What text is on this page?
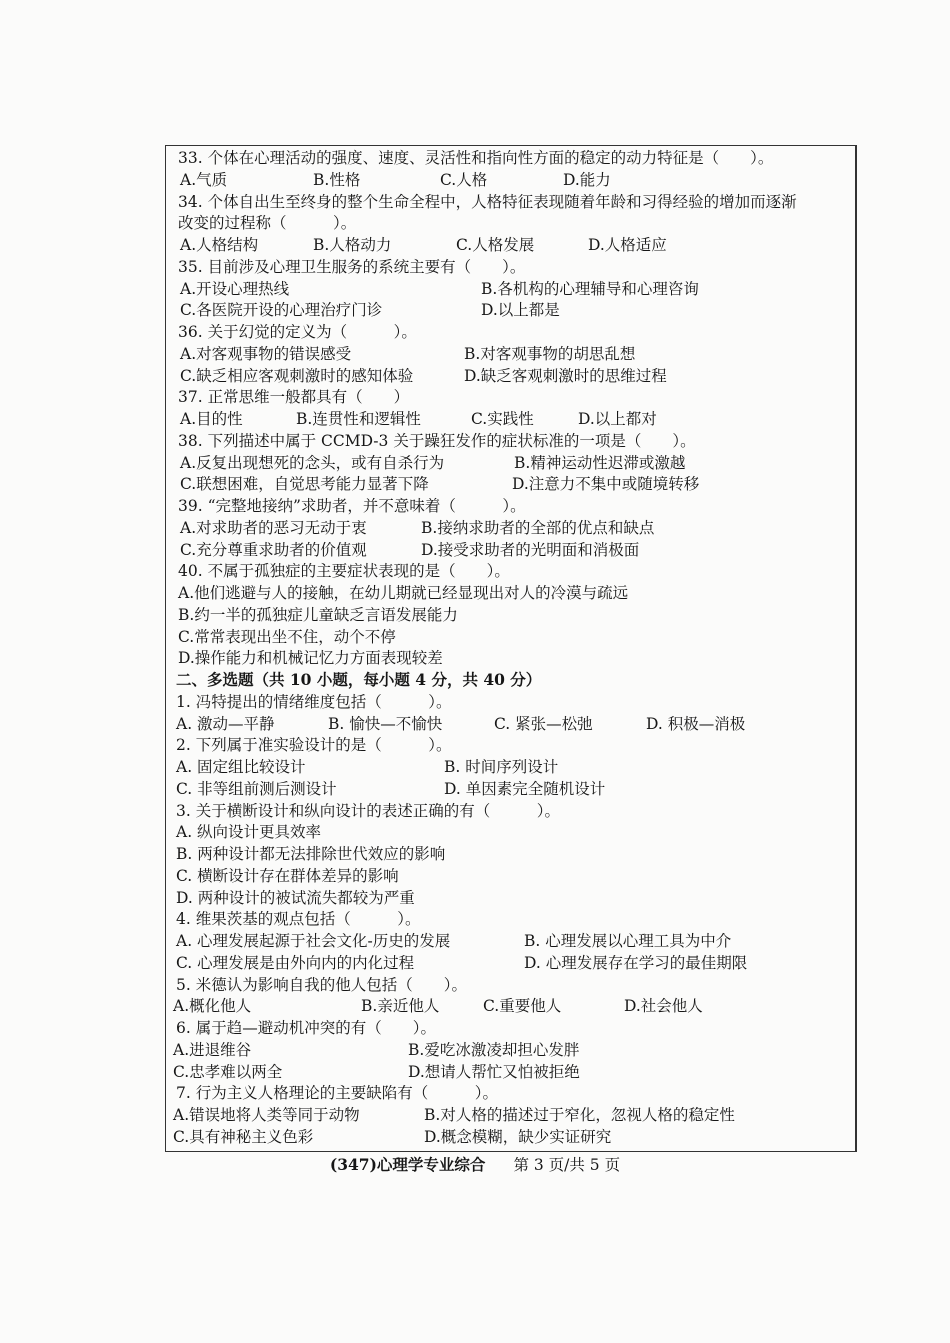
33. 个体在心理活动的强度、速度、灵活性和指向性方面的稳定的动力特征是（　　）。
A.气质	B.性格	C.人格	D.能力
34. 个体自出生至终身的整个生命全程中，人格特征表现随着年龄和习得经验的增加而逐渐
改变的过程称（　　　）。
A.人格结构	B.人格动力	C.人格发展	D.人格适应
35. 目前涉及心理卫生服务的系统主要有（　　）。
A.开设心理热线	B.各机构的心理辅导和心理咨询
C.各医院开设的心理治疗门诊	D.以上都是
36. 关于幻觉的定义为（　　　）。
A.对客观事物的错误感受	B.对客观事物的胡思乱想
C.缺乏相应客观刺激时的感知体验	D.缺乏客观刺激时的思维过程
37. 正常思维一般都具有（　　）
A.目的性	B.连贯性和逻辑性	C.实践性	D.以上都对
38. 下列描述中属于 CCMD-3 关于躁狂发作的症状标准的一项是（　　）。
A.反复出现想死的念头，或有自杀行为	B.精神运动性迟滞或激越
C.联想困难，自觉思考能力显著下降	D.注意力不集中或随境转移
39. “完整地接纳”求助者，并不意味着（　　　）。
A.对求助者的恶习无动于衷	B.接纳求助者的全部的优点和缺点
C.充分尊重求助者的价值观	D.接受求助者的光明面和消极面
40. 不属于孤独症的主要症状表现的是（　　）。
A.他们逃避与人的接触，在幼儿期就已经显现出对人的冷漠与疏远
B.约一半的孤独症儿童缺乏言语发展能力
C.常常表现出坐不住，动个不停
D.操作能力和机械记忆力方面表现较差
二、多选题（共 10 小题，每小题 4 分，共 40 分）
1. 冯特提出的情绪维度包括（　　　）。
A. 激动—平静	B. 愉快—不愉快	C. 紧张—松弛	D. 积极—消极
2. 下列属于准实验设计的是（　　　）。
A. 固定组比较设计	B. 时间序列设计
C. 非等组前测后测设计	D. 单因素完全随机设计
3. 关于横断设计和纵向设计的表述正确的有（　　　）。
A. 纵向设计更具效率
B. 两种设计都无法排除世代效应的影响
C. 横断设计存在群体差异的影响
D. 两种设计的被试流失都较为严重
4. 维果茨基的观点包括（　　　）。
A. 心理发展起源于社会文化-历史的发展	B. 心理发展以心理工具为中介
C. 心理发展是由外向内的内化过程	D. 心理发展存在学习的最佳期限
5. 米德认为影响自我的他人包括（　　）。
A.概化他人	B.亲近他人	C.重要他人	D.社会他人
6. 属于趋—避动机冲突的有（　　）。
A.进退维谷	B.爱吃冰激凌却担心发胖
C.忠孝难以两全	D.想请人帮忙又怕被拒绝
7. 行为主义人格理论的主要缺陷有（　　　）。
A.错误地将人类等同于动物	B.对人格的描述过于窄化，忽视人格的稳定性
C.具有神秘主义色彩	D.概念模糊，缺少实证研究
(347)心理学专业综合 第 3 页/共 5 页
